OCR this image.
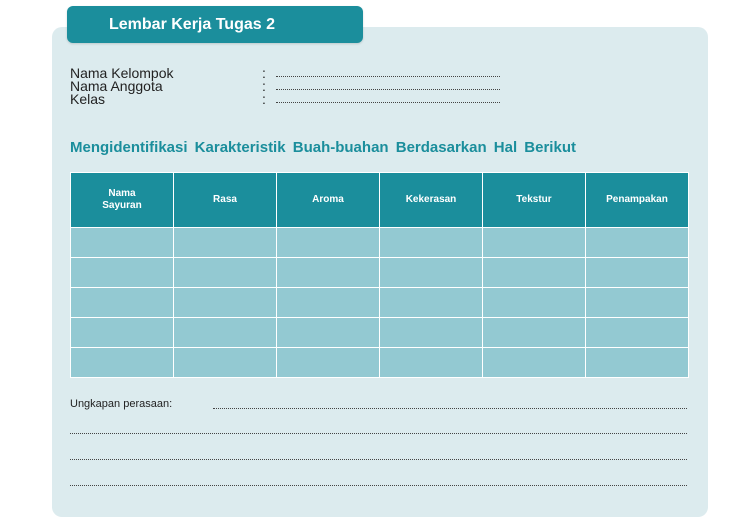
Lembar Kerja Tugas 2
Nama Kelompok	:
Nama Anggota	:
Kelas	:
Mengidentifikasi Karakteristik Buah-buahan Berdasarkan Hal Berikut
Nama Sayuran	Rasa	Aroma	Kekerasan	Tekstur	Penampakan

Ungkapan perasaan:
